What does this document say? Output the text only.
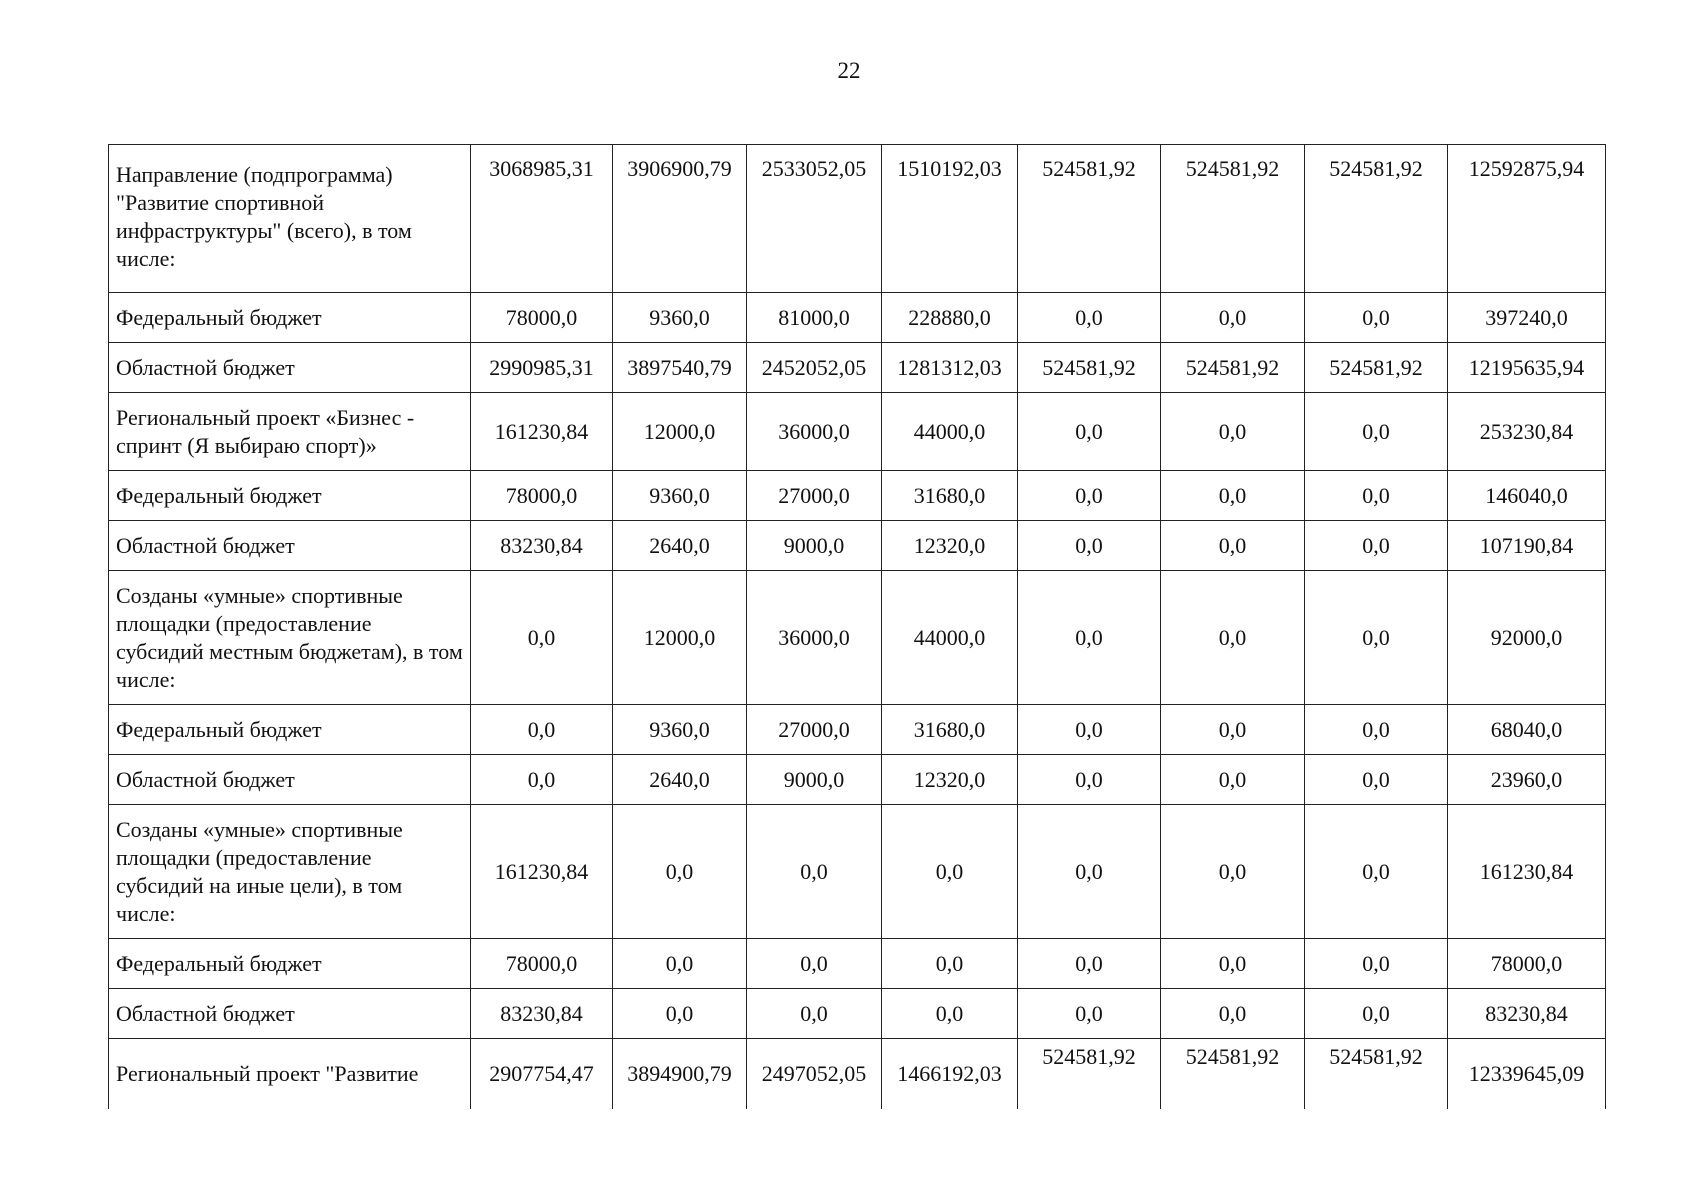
22
Направление (подпрограмма) "Развитие спортивной инфраструктуры" (всего), в том числе:	3068985,31	3906900,79	2533052,05	1510192,03	524581,92	524581,92	524581,92	12592875,94
Федеральный бюджет	78000,0	9360,0	81000,0	228880,0	0,0	0,0	0,0	397240,0
Областной бюджет	2990985,31	3897540,79	2452052,05	1281312,03	524581,92	524581,92	524581,92	12195635,94
Региональный проект «Бизнес - спринт (Я выбираю спорт)»	161230,84	12000,0	36000,0	44000,0	0,0	0,0	0,0	253230,84
Федеральный бюджет	78000,0	9360,0	27000,0	31680,0	0,0	0,0	0,0	146040,0
Областной бюджет	83230,84	2640,0	9000,0	12320,0	0,0	0,0	0,0	107190,84
Созданы «умные» спортивные площадки (предоставление субсидий местным бюджетам), в том числе:	0,0	12000,0	36000,0	44000,0	0,0	0,0	0,0	92000,0
Федеральный бюджет	0,0	9360,0	27000,0	31680,0	0,0	0,0	0,0	68040,0
Областной бюджет	0,0	2640,0	9000,0	12320,0	0,0	0,0	0,0	23960,0
Созданы «умные» спортивные площадки (предоставление субсидий на иные цели), в том числе:	161230,84	0,0	0,0	0,0	0,0	0,0	0,0	161230,84
Федеральный бюджет	78000,0	0,0	0,0	0,0	0,0	0,0	0,0	78000,0
Областной бюджет	83230,84	0,0	0,0	0,0	0,0	0,0	0,0	83230,84
Региональный проект "Развитие	2907754,47	3894900,79	2497052,05	1466192,03	524581,92	524581,92	524581,92	12339645,09
